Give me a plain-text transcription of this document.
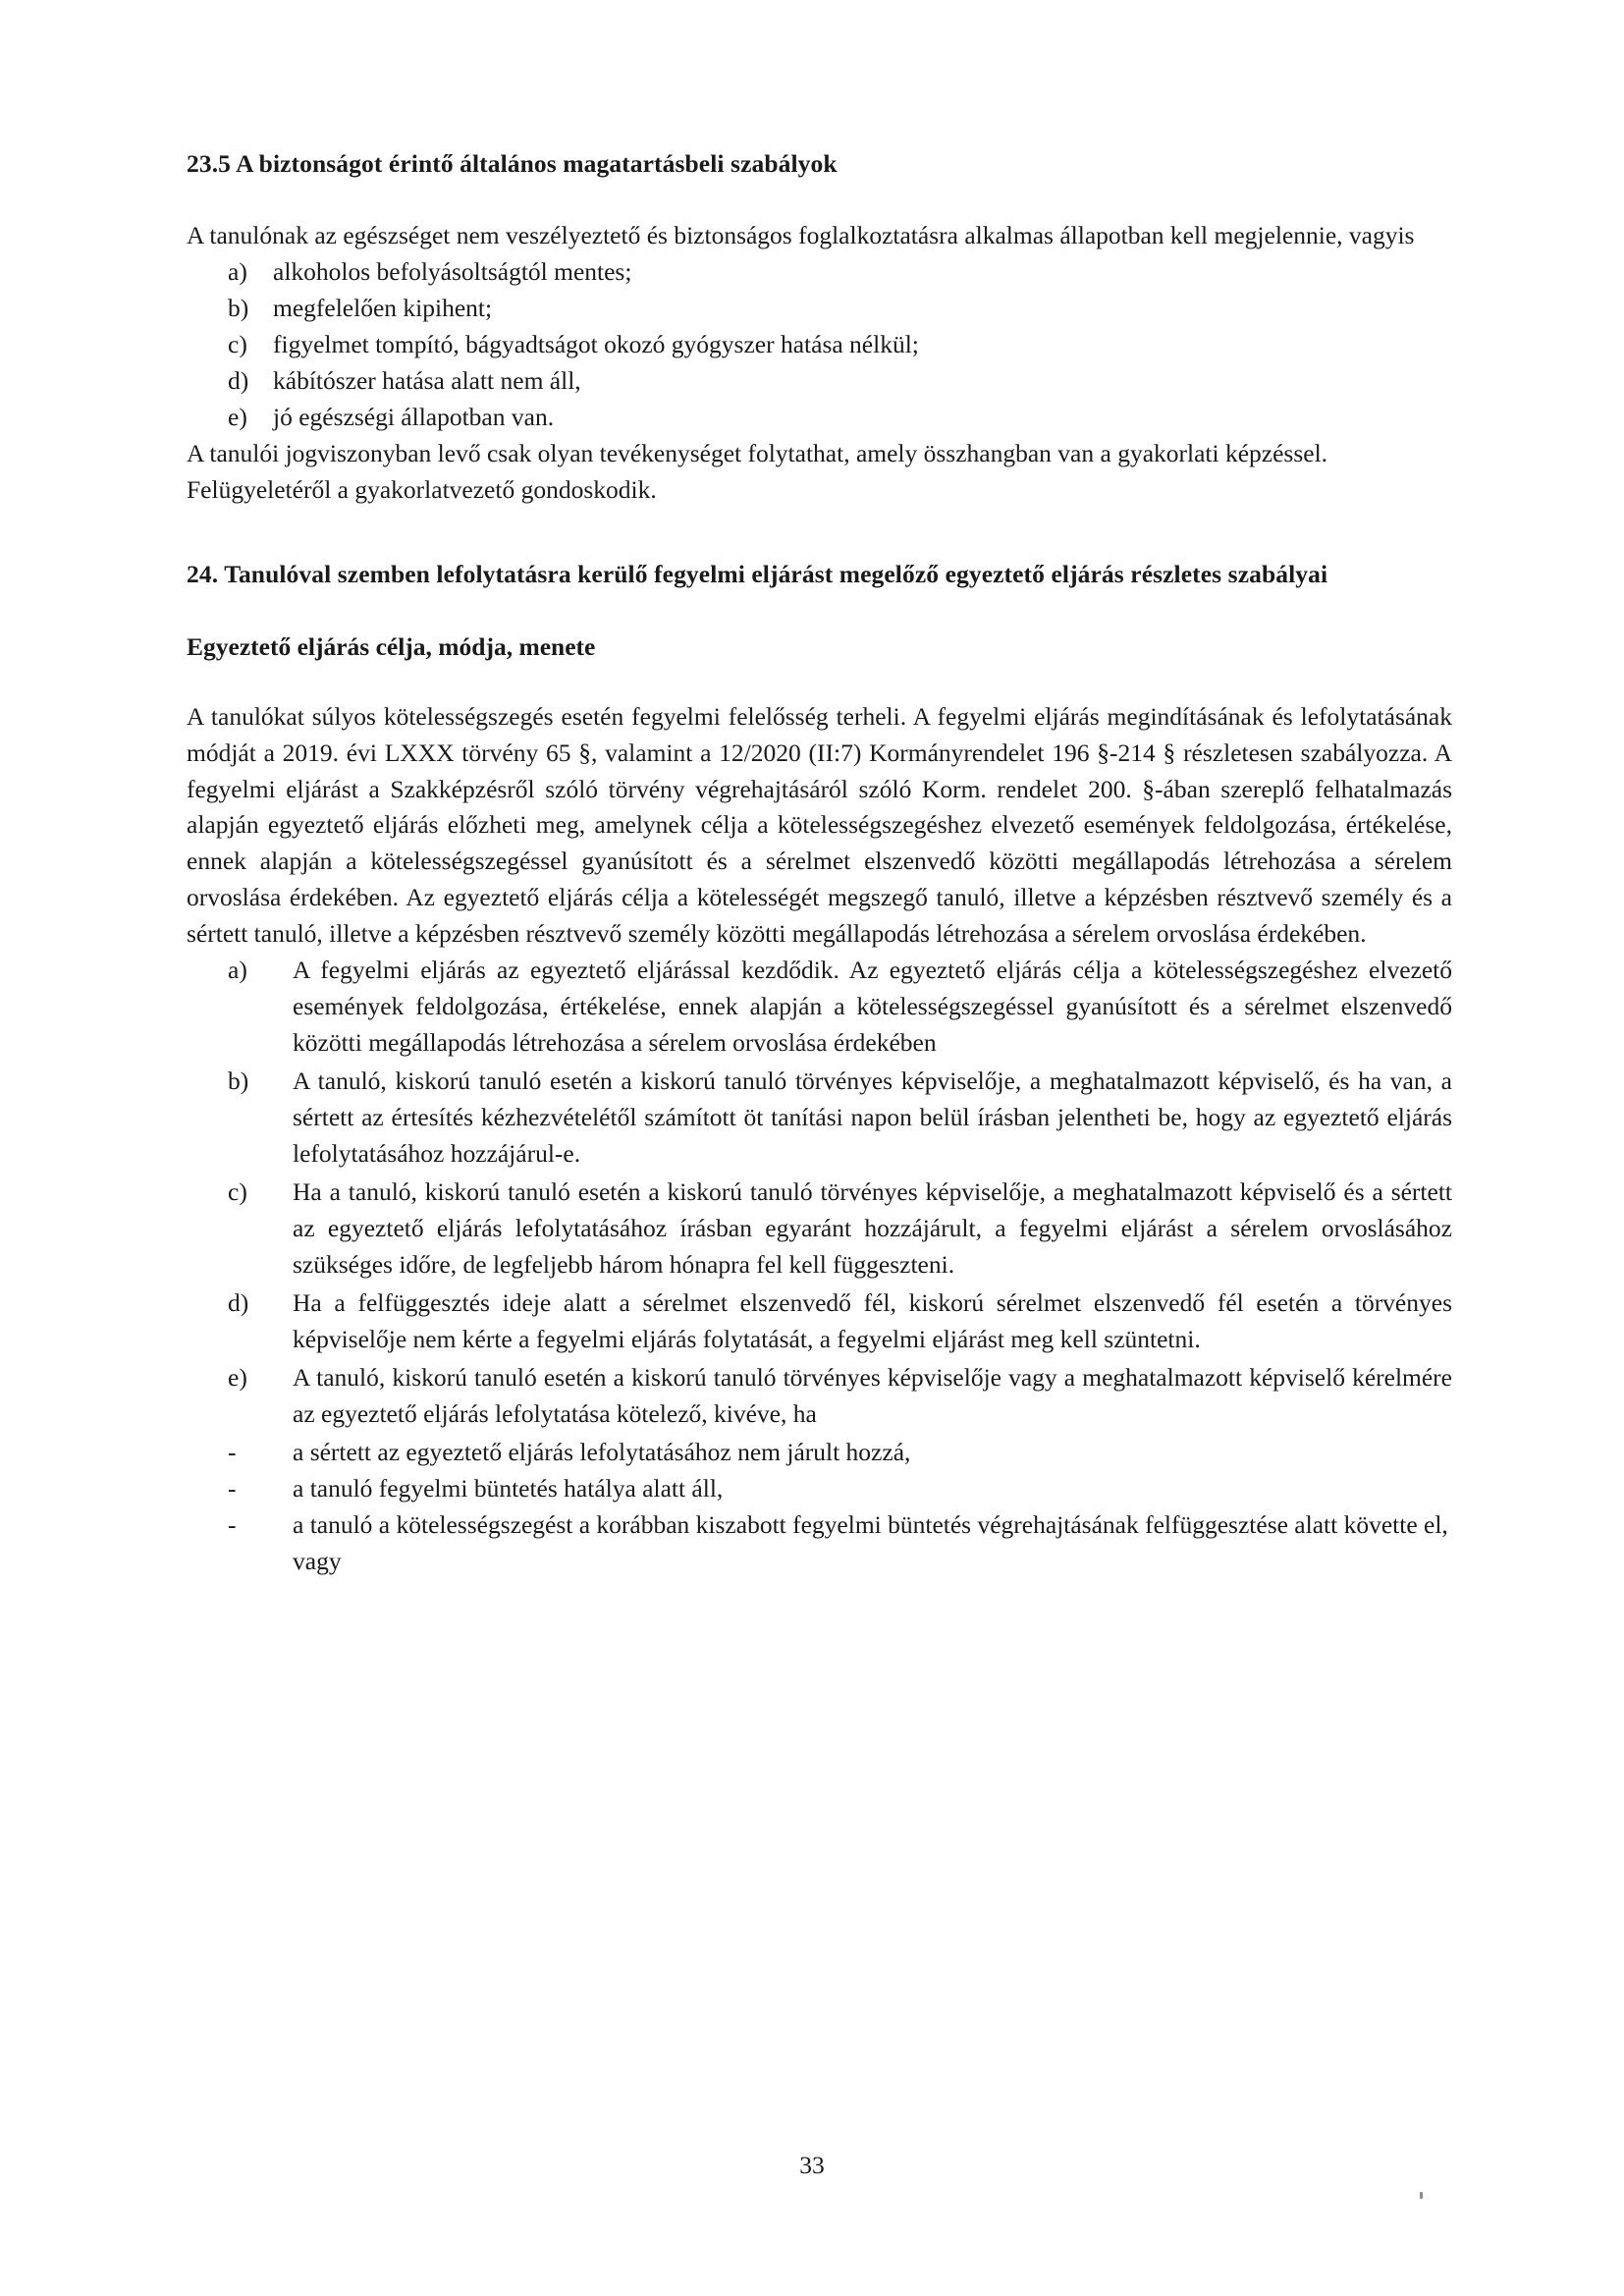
23.5 A biztonságot érintő általános magatartásbeli szabályok

A tanulónak az egészséget nem veszélyeztető és biztonságos foglalkoztatásra alkalmas állapotban kell megjelennie, vagyis

a)	alkoholos befolyásoltságtól mentes;
b) megfelelően kipihent;
c)	figyelmet tompító, bágyadtságot okozó gyógyszer hatása nélkül;
d) kábítószer hatása alatt nem áll,
e)	jó egészségi állapotban van.

A tanulói jogviszonyban levő csak olyan tevékenységet folytathat, amely összhangban van a gyakorlati képzéssel. Felügyeletéről a gyakorlatvezető gondoskodik.

24. Tanulóval szemben lefolytatásra kerülő fegyelmi eljárást megelőző egyeztető eljárás részletes szabályai
Egyeztető eljárás célja, módja, menete

A tanulókat súlyos kötelességszegés esetén fegyelmi felelősség terheli. A fegyelmi eljárás megindításának és lefolytatásának módját a 2019. évi LXXX törvény 65 §, valamint a 12/2020 (II:7) Kormányrendelet 196 §-214 § részletesen szabályozza. A fegyelmi eljárást a Szakképzésről szóló törvény végrehajtásáról szóló Korm. rendelet 200. §-ában szereplő felhatalmazás alapján egyeztető eljárás előzheti meg, amelynek célja a kötelességszegéshez elvezető események feldolgozása, értékelése, ennek alapján a kötelességszegéssel gyanúsított és a sérelmet elszenvedő közötti megállapodás létrehozása a sérelem orvoslása érdekében. Az egyeztető eljárás célja a kötelességét megszegő tanuló, illetve a képzésben résztvevő személy és a sértett tanuló, illetve a képzésben résztvevő személy közötti megállapodás létrehozása a sérelem orvoslása érdekében.

a)	A fegyelmi eljárás az egyeztető eljárással kezdődik. Az egyeztető eljárás célja a kötelességszegéshez elvezető események feldolgozása, értékelése, ennek alapján a kötelességszegéssel gyanúsított és a sérelmet elszenvedő közötti megállapodás létrehozása a sérelem orvoslása érdekében
b)	A tanuló, kiskorú tanuló esetén a kiskorú tanuló törvényes képviselője, a meghatalmazott képviselő, és ha van, a sértett az értesítés kézhezvételétől számított öt tanítási napon belül írásban jelentheti be, hogy az egyeztető eljárás lefolytatásához hozzájárul-e.
c)	Ha a tanuló, kiskorú tanuló esetén a kiskorú tanuló törvényes képviselője, a meghatalmazott képviselő és a sértett az egyeztető eljárás lefolytatásához írásban egyaránt hozzájárult, a fegyelmi eljárást a sérelem orvoslásához szükséges időre, de legfeljebb három hónapra fel kell függeszteni.
d)	Ha a felfüggesztés ideje alatt a sérelmet elszenvedő fél, kiskorú sérelmet elszenvedő fél esetén a törvényes képviselője nem kérte a fegyelmi eljárás folytatását, a fegyelmi eljárást meg kell szüntetni.
e)	A tanuló, kiskorú tanuló esetén a kiskorú tanuló törvényes képviselője vagy a meghatalmazott képviselő kérelmére az egyeztető eljárás lefolytatása kötelező, kivéve, ha
-	a sértett az egyeztető eljárás lefolytatásához nem járult hozzá,
-	a tanuló fegyelmi büntetés hatálya alatt áll,
-	a tanuló a kötelességszegést a korábban kiszabott fegyelmi büntetés végrehajtásának felfüggesztése alatt követte el, vagy
33
